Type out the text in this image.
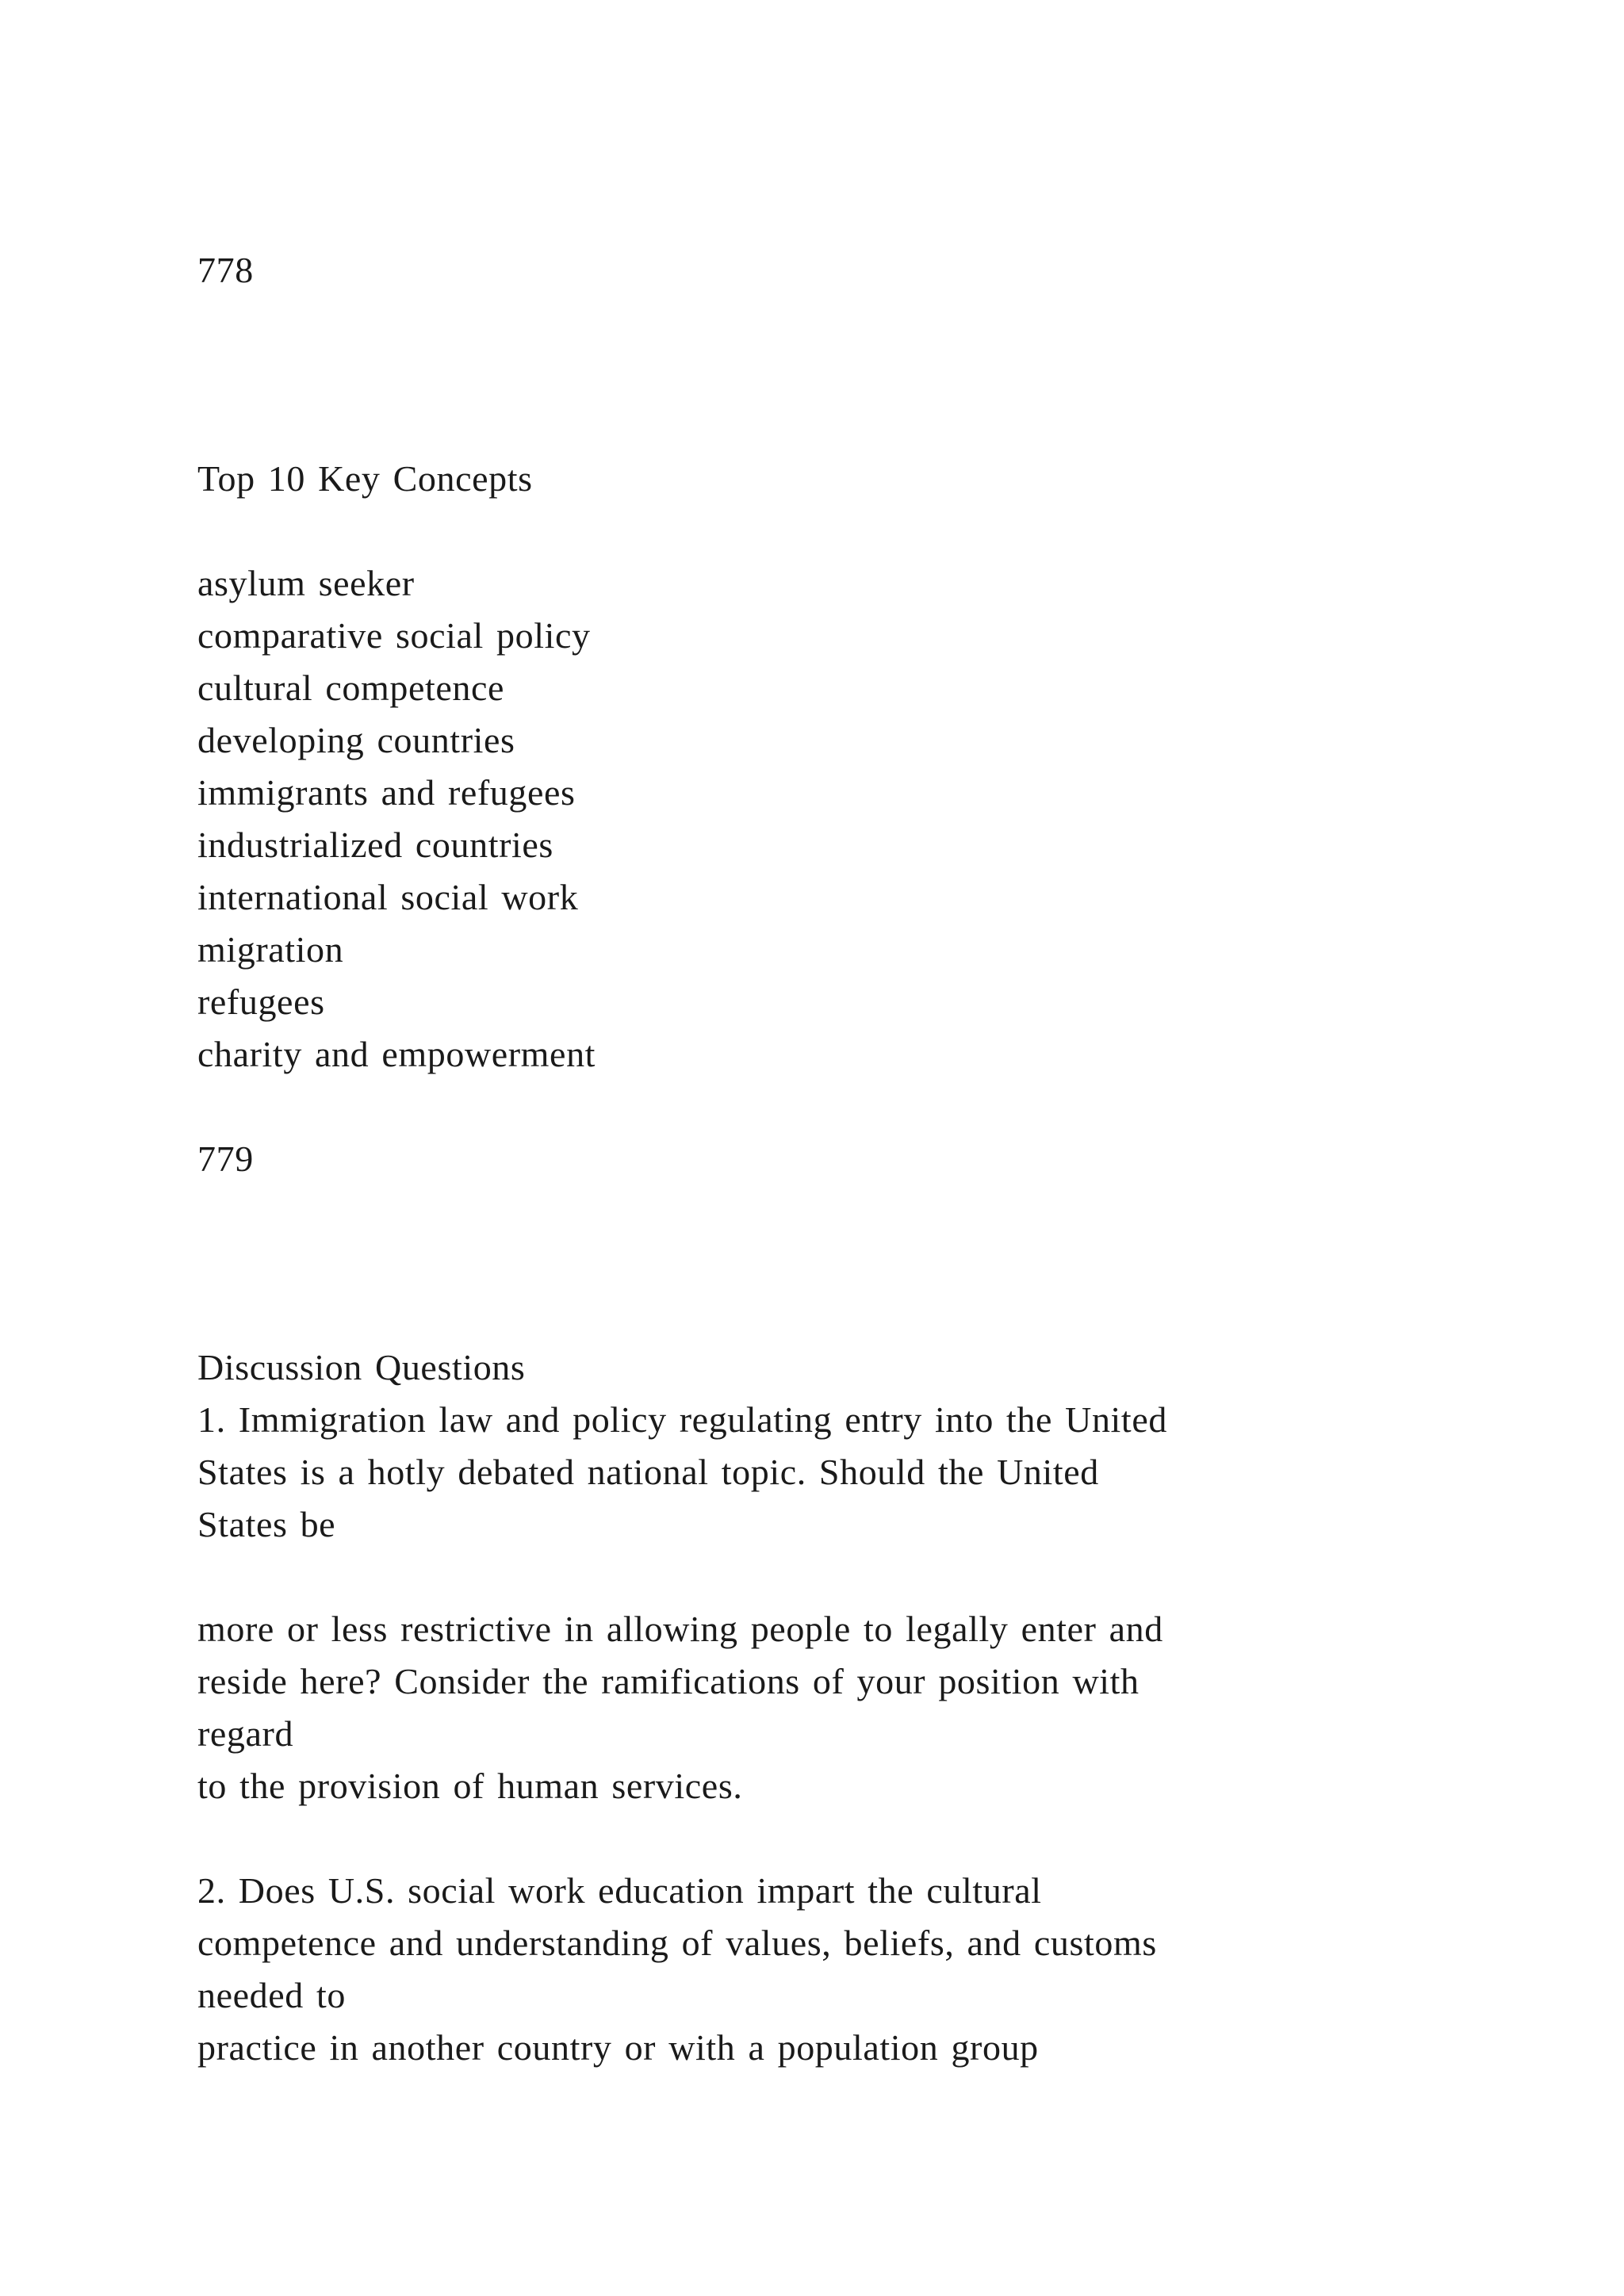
778
Top 10 Key Concepts
asylum seeker
comparative social policy
cultural competence
developing countries
immigrants and refugees
industrialized countries
international social work
migration
refugees
charity and empowerment
779
Discussion Questions
1. Immigration law and policy regulating entry into the United
States is a hotly debated national topic. Should the United
States be
more or less restrictive in allowing people to legally enter and
reside here? Consider the ramifications of your position with
regard
to the provision of human services.
2. Does U.S. social work education impart the cultural
competence and understanding of values, beliefs, and customs
needed to
practice in another country or with a population group
